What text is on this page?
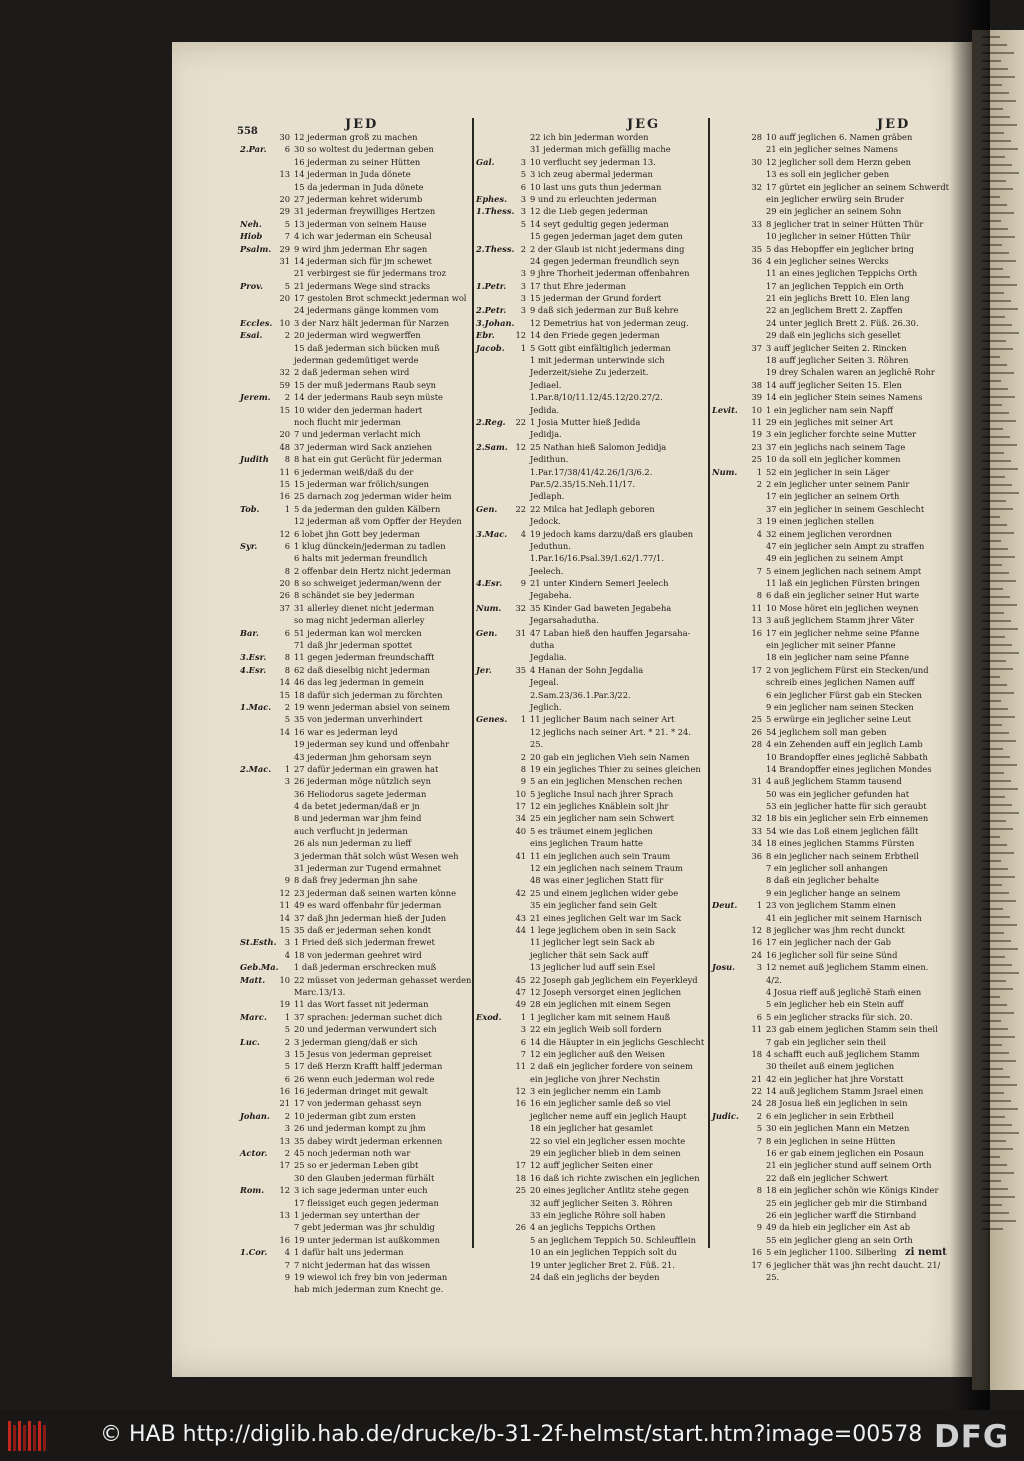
558	JED	JEG	JED
30 12 jederman groß zu machen
2.Par. 6 30 so woltest du jederman geben
16 jederman zu seiner Hütten
13 14 jederman in Juda dönete
15 da jederman in Juda dönete
20 27 jederman kehret widerumb
29 31 jederman freywilliges Hertzen
Neh.	5 13 jederman von seinem Hause
Hiob	7 4 ich war jederman ein Scheusal
Psalm. 29 9 wird jhm jederman Ehr sagen
31 14 jederman sich für jm schewet
21 verbirgest sie für jedermans troz
Prov.	5 21 jedermans Wege sind stracks
20 17 gestolen Brot schmeckt jederman wol
24 jedermans gänge kommen vom
Eccles. 10 3 der Narz hält jederman für Narzen
Esai.	2 20 jederman wird wegwerffen
15 daß jederman sich bücken muß
jederman gedemütiget werde
32 2 daß jederman sehen wird
59 15 der muß jedermans Raub seyn
Jerem. 2 14 der jedermans Raub seyn müste
15 10 wider den jederman hadert
noch flucht mir jederman
20 7 und jederman verlacht mich
48 37 jederman wird Sack anziehen
Judith 8 8 hat ein gut Gerücht für jederman
11 6 jederman weiß/daß du der
15 15 jederman war frölich/sungen
16 25 darnach zog jederman wider heim
Tob.	1 5 da jederman den gulden Kälbern
12 jederman aß vom Opffer der Heyden
12 6 lobet jhn Gott bey jederman
Syr.	6 1 klug dünckein/jederman zu tadlen
6 halts mit jederman freundlich
8 2 offenbar dein Hertz nicht jederman
20 8 so schweiget jederman/wenn der
26 8 schändet sie bey jederman
37 31 allerley dienet nicht jederman
so mag nicht jederman allerley
Bar.	6 51 jederman kan wol mercken
71 daß jhr jederman spottet
3.Esr. 8 11 gegen jederman freundschafft
4.Esr. 8 62 daß dieselbig nicht jederman
14 46 das leg jederman in gemein
15 18 dafür sich jederman zu förchten
1.Mac. 2 19 wenn jederman absiel von seinem
5 35 von jederman unverhindert
14 16 war es jederman leyd
19 jederman sey kund und offenbahr
43 jederman jhm gehorsam seyn
2.Mac. 1 27 dafür jederman ein grawen hat
3 26 jederman möge nützlich seyn
36 Heliodorus sagete jederman
4 da betet jederman/daß er jn
8 und jederman war jhm feind
auch verflucht jn jederman
26 als nun jederman zu lieff
3 jederman thät solch wüst Wesen weh
31 jederman zur Tugend ermahnet
9 8 daß frey jederman jhn sahe
12 23 jederman daß seinen warten könne
11 49 es ward offenbahr für jederman
14 37 daß jhn jederman hieß der Juden
15 35 daß er jederman sehen kondt
St.Esth. 3 1 Fried deß sich jederman frewet
4 18 von jederman geehret wird
Geb.Ma. 1 daß jederman erschrecken muß
Matt. 10 22 müsset von jederman gehasset werden.
Marc.13/13.
19 11 das Wort fasset nit jederman
Marc. 1 37 sprachen: jederman suchet dich
5 20 und jederman verwundert sich
Luc.	2 3 jederman gieng/daß er sich
3 15 Jesus von jederman gepreiset
5 17 deß Herzn Krafft halff jederman
6 26 wenn euch jederman wol rede
16 16 jederman dringet mit gewalt
21 17 von jederman gehasst seyn
Johan. 2 10 jederman gibt zum ersten
3 26 und jederman kompt zu jhm
13 35 dabey wirdt jederman erkennen
Actor. 2 45 noch jederman noth war
17 25 so er jederman Leben gibt
30 den Glauben jederman fürhält
Rom. 12 3 ich sage jederman unter euch
17 fleissiget euch gegen jederman
13 1 jederman sey unterthan der
7 gebt jederman was jhr schuldig
16 19 unter jederman ist außkommen
1.Cor. 4 1 dafür halt uns jederman
7 7 nicht jederman hat das wissen
9 19 wiewol ich frey bin von jederman
hab mich jederman zum Knecht ge.
22 ich bin jederman worden
31 jederman mich gefällig mache
Gal.	3 10 verflucht sey jederman 13.
5 3 ich zeug abermal jederman
6 10 last uns guts thun jederman
Ephes. 3 9 und zu erleuchten jederman
1.Thess. 3 12 die Lieb gegen jederman
5 14 seyt gedultig gegen jederman
15 gegen jederman jaget dem guten
2.Thess. 2 2 der Glaub ist nicht jedermans ding
24 gegen jederman freundlich seyn
3 9 jhre Thorheit jederman offenbahren
1.Petr. 3 17 thut Ehre jederman
3 15 jederman der Grund fordert
2.Petr. 3 9 daß sich jederman zur Buß kehre
3.Johan. 12 Demetrius hat von jederman zeug.
Ebr.	12 14 den Friede gegen jederman
Jacob. 1 5 Gott gibt einfältiglich jederman
1 mit jederman unterwinde sich
Jederzeit/siehe Zu jederzeit.
Jediael.
1.Par.8/10/11.12/45.12/20.27/2.
Jedida.
2.Reg. 22 1 Josia Mutter hieß Jedida
Jedidja.
2.Sam. 12 25 Nathan hieß Salomon Jedidja
Jedithun.
1.Par.17/38/41/42.26/1/3/6.2.
Par.5/2.35/15.Neh.11/17.
Jedlaph.
Gen. 22 22 Milca hat Jedlaph geboren
Jedock.
3.Mac. 4 19 jedoch kams darzu/daß ers glauben
Jeduthun.
1.Par.16/16.Psal.39/1.62/1.77/1.
Jeelech.
4.Esr. 9 21 unter Kindern Semeri Jeelech
Jegabeha.
Num. 32 35 Kinder Gad baweten Jegabeha
Jegarsahadutha.
Gen. 31 47 Laban hieß den hauffen Jegarsaha-
dutha
Jegdalia.
Jer.	35 4 Hanan der Sohn Jegdalia
Jegeal.
2.Sam.23/36.1.Par.3/22.
Jeglich.
Genes. 1 11 jeglicher Baum nach seiner Art
12 jeglichs nach seiner Art. * 21. * 24.
25.
2 20 gab ein jeglichen Vieh sein Namen
8 19 ein jegliches Thier zu seines gleichen
9 5 an ein jeglichen Menschen rechen
10 5 jegliche Insul nach jhrer Sprach
17 12 ein jegliches Knäblein solt jhr
34 25 ein jeglicher nam sein Schwert
40 5 es träumet einem jeglichen
eins jeglichen Traum hatte
41 11 ein jeglichen auch sein Traum
12 ein jeglichen nach seinem Traum
48 was einer jeglichen Statt für
42 25 und einem jeglichen wider gebe
35 ein jeglicher fand sein Gelt
43 21 eines jeglichen Gelt war im Sack
44 1 lege jeglichem oben in sein Sack
11 jeglicher legt sein Sack ab
jeglicher thät sein Sack auff
13 jeglicher lud auff sein Esel
45 22 Joseph gab jeglichem ein Feyerkleyd
47 12 Joseph versorget einen jeglichen
49 28 ein jeglichen mit einem Segen
Exod. 1 1 jeglicher kam mit seinem Hauß
3 22 ein jeglich Weib soll fordern
6 14 die Häupter in ein jeglichs Geschlecht
7 12 ein jeglicher auß den Weisen
11 2 daß ein jeglicher fordere von seinem
ein jegliche von jhrer Nechstin
12 3 ein jeglicher nemm ein Lamb
16 16 ein jeglicher samle deß so viel
jeglicher neme auff ein jeglich Haupt
18 ein jeglicher hat gesamlet
22 so viel ein jeglicher essen mochte
29 ein jeglicher blieb in dem seinen
17 12 auff jeglicher Seiten einer
18 16 daß ich richte zwischen ein jeglichen
25 20 eines jeglicher Antlitz stehe gegen
32 auff jeglicher Seiten 3. Röhren
33 ein jegliche Röhre soll haben
26 4 an jeglichs Teppichs Orthen
5 an jeglichem Teppich 50. Schleufflein
10 an ein jeglichen Teppich solt du
19 unter jeglicher Bret 2. Füß. 21.
24 daß ein jeglichs der beyden
28 10 auff jeglichen 6. Namen gräben
21 ein jeglicher seines Namens
30 12 jeglicher soll dem Herzn geben
13 es soll ein jeglicher geben
32 17 gürtet ein jeglicher an seinem Schwerdt
ein jeglicher erwürg sein Bruder
29 ein jeglicher an seinem Sohn
33 8 jeglicher trat in seiner Hütten Thür
10 jeglicher in seiner Hütten Thür
35 5 das Hebopffer ein jeglicher bring
36 4 ein jeglicher seines Wercks
11 an eines jeglichen Teppichs Orth
17 an jeglichen Teppich ein Orth
21 ein jeglichs Brett 10. Elen lang
22 an jeglichem Brett 2. Zapffen
24 unter jeglich Brett 2. Füß. 26.30.
29 daß ein jeglichs sich gesellet
37 3 auff jeglicher Seiten 2. Rincken
18 auff jeglicher Seiten 3. Röhren
19 drey Schalen waren an jeglichē Rohr
38 14 auff jeglicher Seiten 15. Elen
39 14 ein jeglicher Stein seines Namens
Levit. 10 1 ein jeglicher nam sein Napff
11 29 ein jegliches mit seiner Art
19 3 ein jeglicher forchte seine Mutter
23 37 ein jeglichs nach seinem Tage
25 10 da soll ein jeglicher kommen
Num. 1 52 ein jeglicher in sein Läger
2 2 ein jeglicher unter seinem Panir
17 ein jeglicher an seinem Orth
37 ein jeglicher in seinem Geschlecht
3 19 einen jeglichen stellen
4 32 einem jeglichen verordnen
47 ein jeglicher sein Ampt zu straffen
49 ein jeglichen zu seinem Ampt
7 5 einem jeglichen nach seinem Ampt
11 laß ein jeglichen Fürsten bringen
8 6 daß ein jeglicher seiner Hut warte
11 10 Mose höret ein jeglichen weynen
13 3 auß jeglichem Stamm jhrer Väter
16 17 ein jeglicher nehme seine Pfanne
ein jeglicher mit seiner Pfanne
18 ein jeglicher nam seine Pfanne
17 2 von jeglichem Fürst ein Stecken/und
schreib eines jeglichen Namen auff
6 ein jeglicher Fürst gab ein Stecken
9 ein jeglicher nam seinen Stecken
25 5 erwürge ein jeglicher seine Leut
26 54 jeglichem soll man geben
28 4 ein Zehenden auff ein jeglich Lamb
10 Brandopffer eines jeglichē Sabbath
14 Brandopffer eines jeglichen Mondes
31 4 auß jeglichem Stamm tausend
50 was ein jeglicher gefunden hat
53 ein jeglicher hatte für sich geraubt
32 18 bis ein jeglicher sein Erb einnemen
33 54 wie das Loß einem jeglichen fällt
34 18 eines jeglichen Stamms Fürsten
36 8 ein jeglicher nach seinem Erbtheil
7 ein jeglicher soll anhangen
8 daß ein jeglicher behalte
9 ein jeglicher hange an seinem
Deut. 1 23 von jeglichem Stamm einen
41 ein jeglicher mit seinem Harnisch
12 8 jeglicher was jhm recht dunckt
16 17 ein jeglicher nach der Gab
24 16 jeglicher soll für seine Sünd
Josu.	3 12 nemet auß jeglichem Stamm einen.
4/2.
4 Josua rieff auß jeglichē Stam̃ einen
5 ein jeglicher heb ein Stein auff
6 5 ein jeglicher stracks für sich. 20.
11 23 gab einem jeglichen Stamm sein theil
7 gab ein jeglicher sein theil
18 4 schafft euch auß jeglichem Stamm
30 theilet auß einem jeglichen
21 42 ein jeglicher hat jhre Vorstatt
22 14 auß jeglichem Stamm Jsrael einen
24 28 Josua ließ ein jeglichen in sein
Judic. 2 6 ein jeglicher in sein Erbtheil
5 30 ein jeglichen Mann ein Metzen
7 8 ein jeglichen in seine Hütten
16 er gab einem jeglichen ein Posaun
21 ein jeglicher stund auff seinem Orth
22 daß ein jeglicher Schwert
8 18 ein jeglicher schön wie Königs Kinder
25 ein jeglicher geb mir die Stirnband
26 ein jeglicher warff die Stirnband
9 49 da hieb ein jeglicher ein Ast ab
55 ein jeglicher gieng an sein Orth
16 5 ein jeglicher 1100. Silberling
17 6 jeglicher thät was jhn recht daucht. 21/
25.
zi nemt
© HAB http://diglib.hab.de/drucke/b-31-2f-helmst/start.htm?image=00578 DFG
